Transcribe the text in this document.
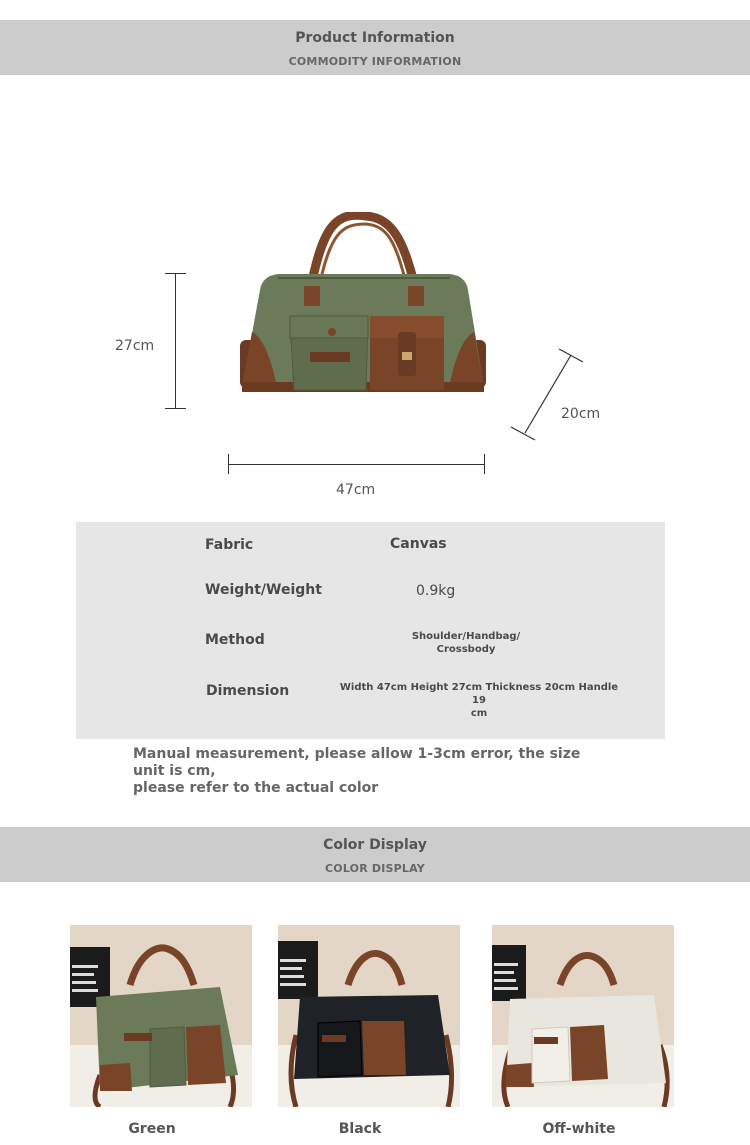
Product Information
COMMODITY INFORMATION
27cm
47cm
20cm
Fabric	Canvas
Weight/Weight	0.9kg
Method	Shoulder/Handbag/
Crossbody
Dimension	Width 47cm Height 27cm Thickness 20cm Handle 19
cm
Manual measurement, please allow 1-3cm error, the size unit is cm,
please refer to the actual color
Color Display
COLOR DISPLAY
Green	Black	Off-white
